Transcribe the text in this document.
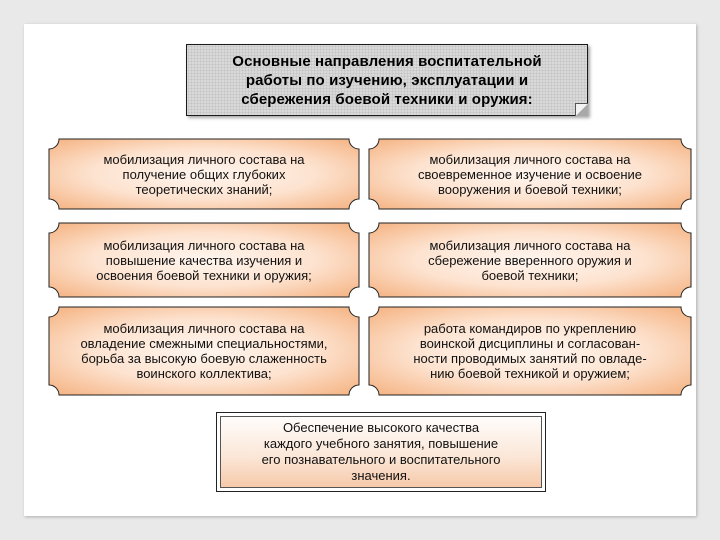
Основные направления воспитательной
работы по изучению, эксплуатации и
сбережения боевой техники и оружия:
мобилизация личного состава на
получение общих глубоких
теоретических знаний;
мобилизация личного состава на
своевременное изучение и освоение
вооружения и боевой техники;
мобилизация личного состава на
повышение качества изучения и
освоения боевой техники и оружия;
мобилизация личного состава на
сбережение вверенного оружия и
боевой техники;
мобилизация личного состава на
овладение смежными специальностями,
борьба за высокую боевую слаженность
воинского коллектива;
работа командиров по укреплению
воинской дисциплины и согласован-
ности проводимых занятий по овладе-
нию боевой техникой и оружием;
Обеспечение высокого качества
каждого учебного занятия, повышение
его познавательного и воспитательного
значения.
